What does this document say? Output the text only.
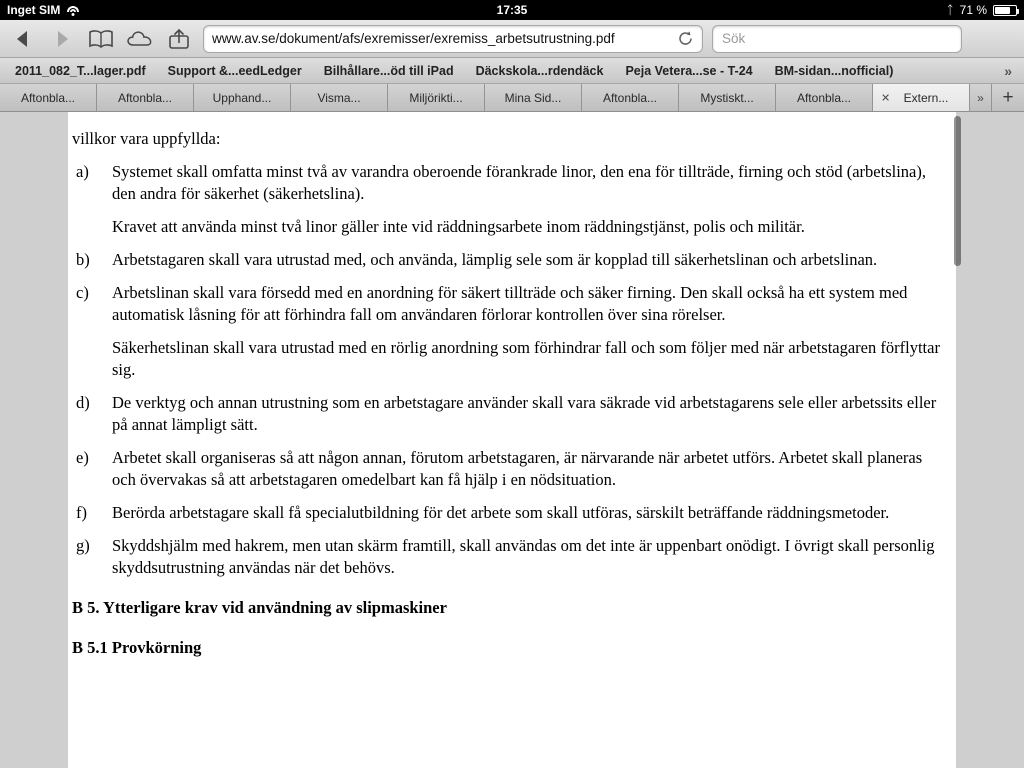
Inget SIM	17:35	ᛏ 71 %
www.av.se/dokument/afs/exremisser/exremiss_arbetsutrustning.pdf	Sök
2011_082_T...lager.pdf	Support &...eedLedger	Bilhållare...öd till iPad	Däckskola...rdendäck	Peja Vetera...se - T-24	BM-sidan...nofficial)	»
Aftonbla...	Aftonbla...	Upphand...	Visma...	Miljörikti...	Mina Sid...	Aftonbla...	Mystiskt...	Aftonbla...	✕ Extern...	» +
villkor vara uppfyllda:
a)	Systemet skall omfatta minst två av varandra oberoende förankrade linor, den ena för tillträde, firning och stöd (arbetslina), den andra för säkerhet (säkerhetslina).
Kravet att använda minst två linor gäller inte vid räddningsarbete inom räddningstjänst, polis och militär.
b)	Arbetstagaren skall vara utrustad med, och använda, lämplig sele som är kopplad till säkerhetslinan och arbetslinan.
c)	Arbetslinan skall vara försedd med en anordning för säkert tillträde och säker firning. Den skall också ha ett system med automatisk låsning för att förhindra fall om användaren förlorar kontrollen över sina rörelser.
Säkerhetslinan skall vara utrustad med en rörlig anordning som förhindrar fall och som följer med när arbetstagaren förflyttar sig.
d)	De verktyg och annan utrustning som en arbetstagare använder skall vara säkrade vid arbetstagarens sele eller arbetssits eller på annat lämpligt sätt.
e)	Arbetet skall organiseras så att någon annan, förutom arbetstagaren, är närvarande när arbetet utförs. Arbetet skall planeras och övervakas så att arbetstagaren omedelbart kan få hjälp i en nödsituation.
f)	Berörda arbetstagare skall få specialutbildning för det arbete som skall utföras, särskilt beträffande räddningsmetoder.
g)	Skyddshjälm med hakrem, men utan skärm framtill, skall användas om det inte är uppenbart onödigt. I övrigt skall personlig skyddsutrustning användas när det behövs.
B 5. Ytterligare krav vid användning av slipmaskiner
B 5.1 Provkörning
